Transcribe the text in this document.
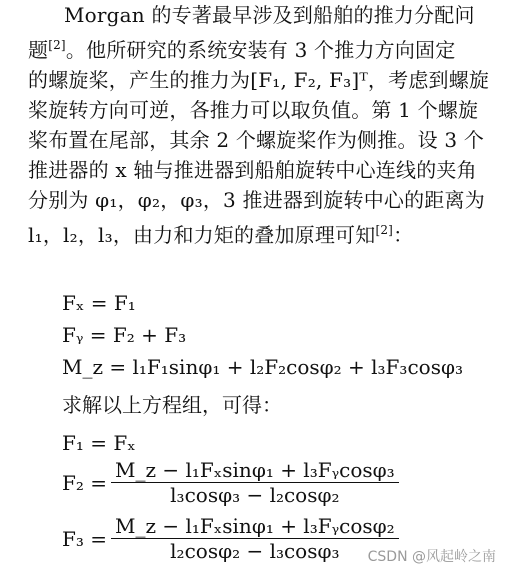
Morgan 的专著最早涉及到船舶的推力分配问

题[2]。他所研究的系统安装有 3 个推力方向固定

的螺旋桨，产生的推力为[F₁, F₂, F₃]ᵀ，考虑到螺旋

桨旋转方向可逆，各推力可以取负值。第 1 个螺旋

桨布置在尾部，其余 2 个螺旋桨作为侧推。设 3 个

推进器的 x 轴与推进器到船舶旋转中心连线的夹角

分别为 φ₁，φ₂，φ₃，3 推进器到旋转中心的距离为

l₁，l₂，l₃，由力和力矩的叠加原理可知[2]：

Fₓ = F₁
Fᵧ = F₂ + F₃
M_z = l₁F₁sinφ₁ + l₂F₂cosφ₂ + l₃F₃cosφ₃
求解以上方程组，可得：
F₁ = Fₓ
$F_2 = \frac{\text{M\_z − l₁Fₓsinφ₁ + l₃Fᵧcosφ₃}}{\text{l₃cosφ₃ − l₂cosφ₂}}$
$F_3 = \frac{\text{M\_z − l₁Fₓsinφ₁ + l₃Fᵧcosφ₂}}{\text{l₂cosφ₂ − l₃cosφ₃}}$
CSDN @风起岭之南
